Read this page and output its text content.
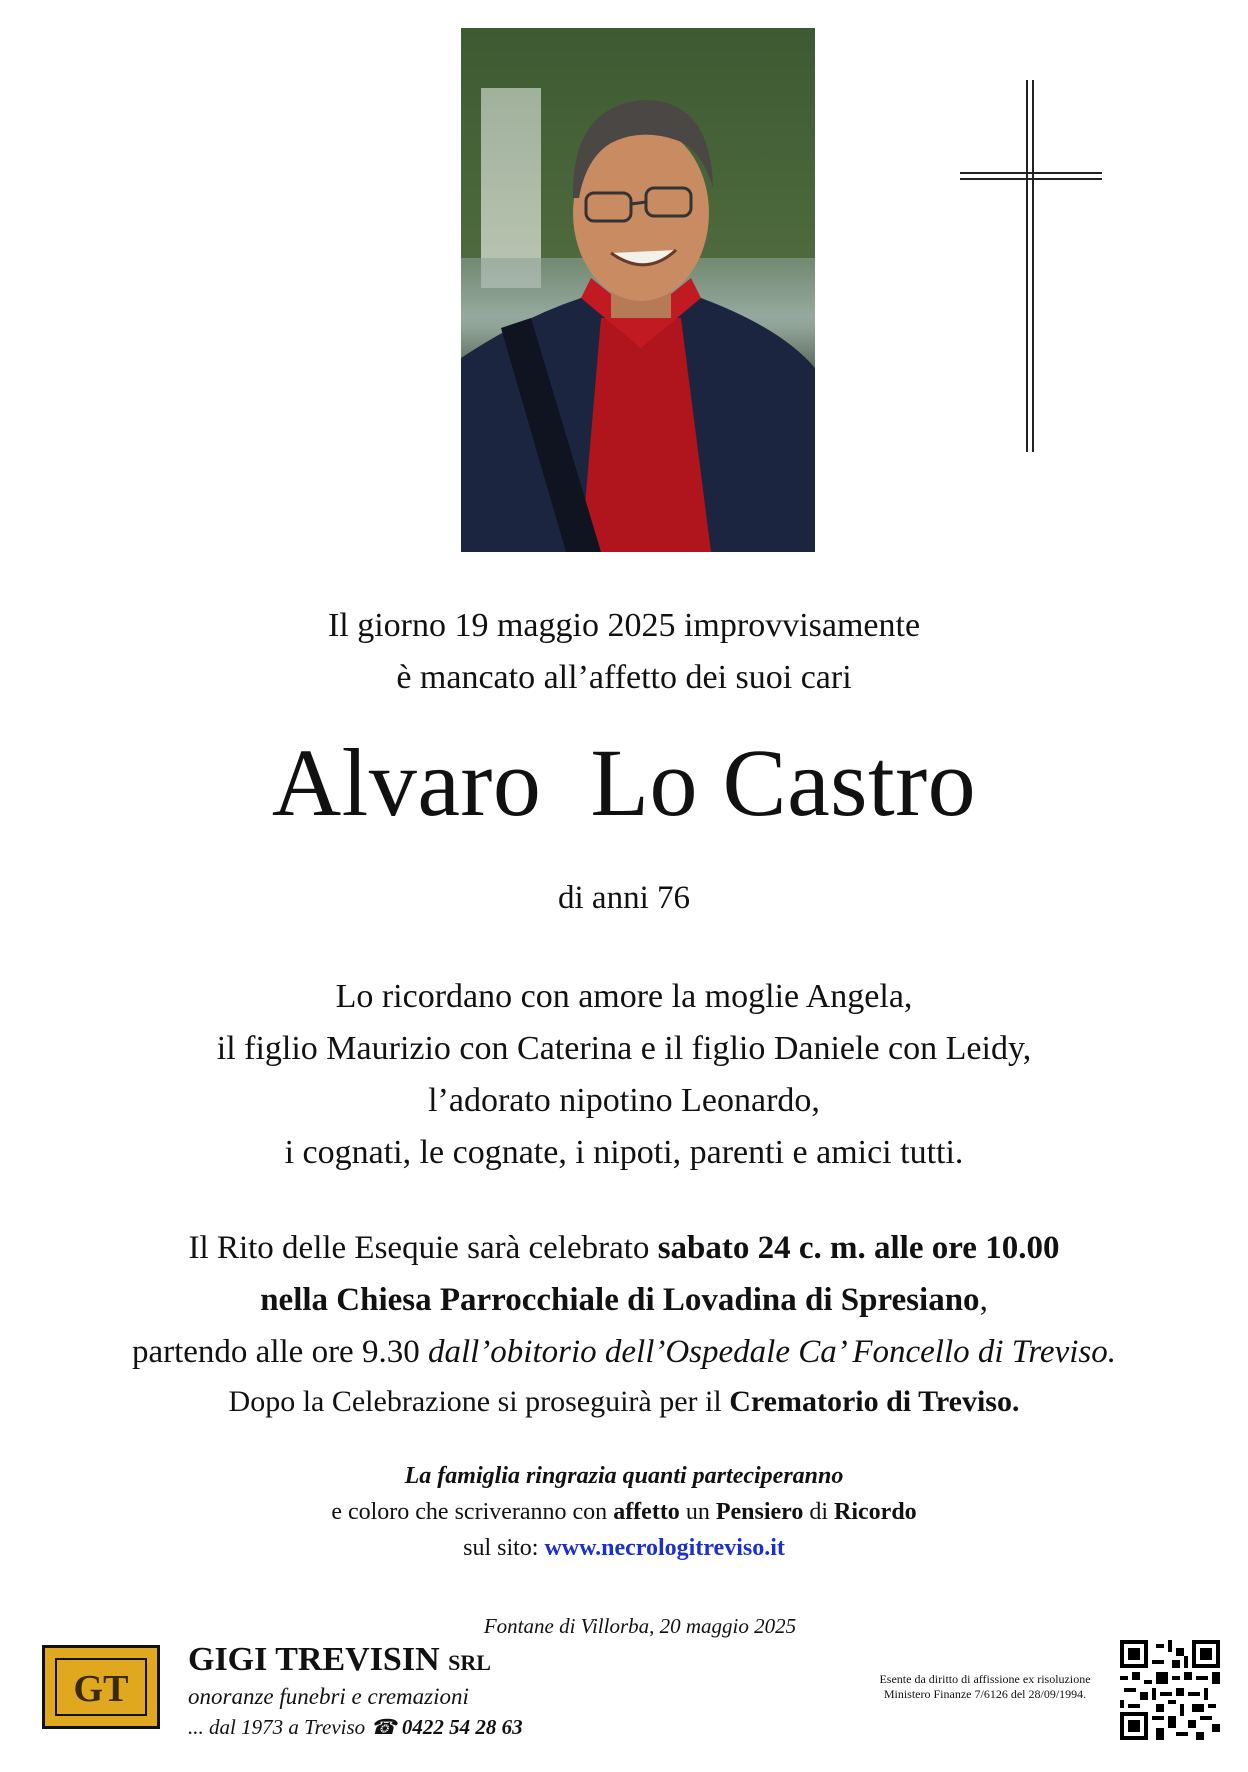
Il giorno 19 maggio 2025 improvvisamente
è mancato all’affetto dei suoi cari
Alvaro  Lo Castro
di anni 76
Lo ricordano con amore la moglie Angela,
il figlio Maurizio con Caterina e il figlio Daniele con Leidy,
l’adorato nipotino Leonardo,
i cognati, le cognate, i nipoti, parenti e amici tutti.
Il Rito delle Esequie sarà celebrato sabato 24 c. m. alle ore 10.00
nella Chiesa Parrocchiale di Lovadina di Spresiano,
partendo alle ore 9.30 dall’obitorio dell’Ospedale Ca’ Foncello di Treviso.
Dopo la Celebrazione si proseguirà per il Crematorio di Treviso.
La famiglia ringrazia quanti parteciperanno
e coloro che scriveranno con affetto un Pensiero di Ricordo
sul sito: www.necrologitreviso.it
Fontane di Villorba, 20 maggio 2025
GT
GIGI TREVISIN SRL
onoranze funebri e cremazioni
... dal 1973 a Treviso ☎ 0422 54 28 63
Esente da diritto di affissione ex risoluzione
Ministero Finanze 7/6126 del 28/09/1994.
